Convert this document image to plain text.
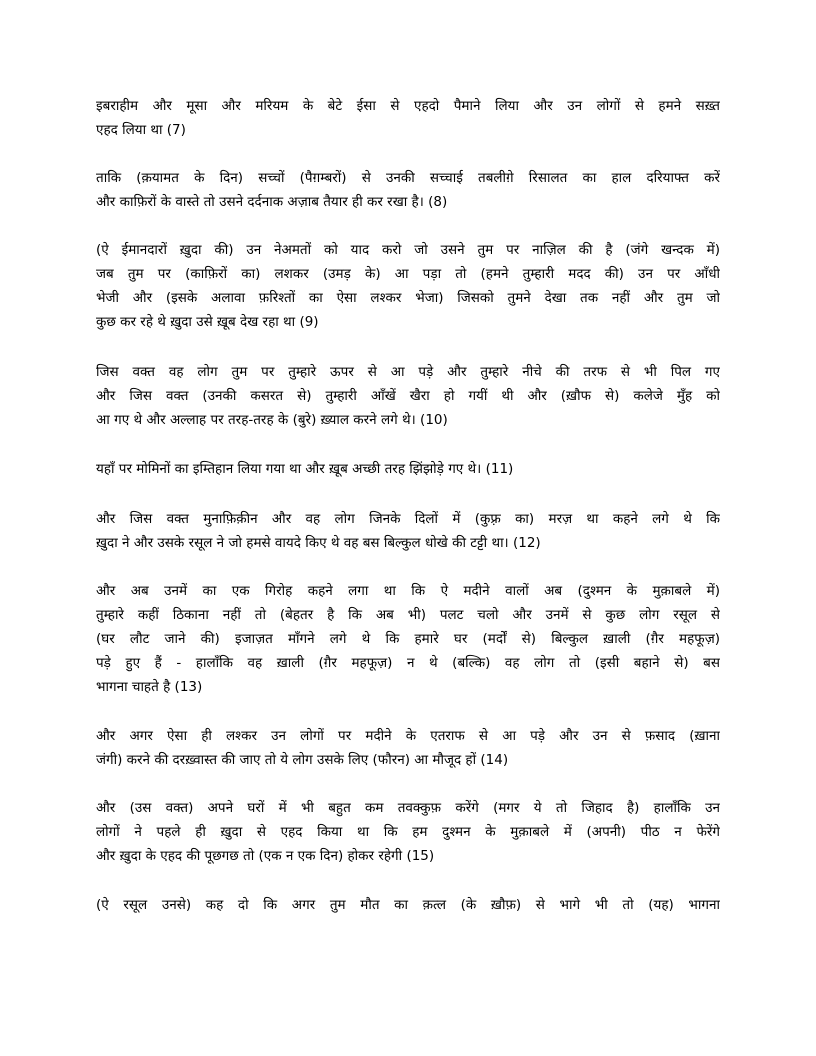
इबराहीम और मूसा और मरियम के बेटे ईसा से एहदो पैमाने लिया और उन लोगों से हमने सख़्त
एहद लिया था (7)
ताकि (क़यामत के दिन) सच्चों (पैग़म्बरों) से उनकी सच्चाई तबलीग़े रिसालत का हाल दरियाफ्त करें
और काफ़िरों के वास्ते तो उसने दर्दनाक अज़ाब तैयार ही कर रखा है। (8)
(ऐ ईमानदारों ख़ुदा की) उन नेअमतों को याद करो जो उसने तुम पर नाज़िल की है (जंगे खन्दक में)
जब तुम पर (काफ़िरों का) लशकर (उमड़ के) आ पड़ा तो (हमने तुम्हारी मदद की) उन पर आँधी
भेजी और (इसके अलावा फ़रिश्तों का ऐसा लश्कर भेजा) जिसको तुमने देखा तक नहीं और तुम जो
कुछ कर रहे थे ख़ुदा उसे ख़ूब देख रहा था (9)
जिस वक्त वह लोग तुम पर तुम्हारे ऊपर से आ पड़े और तुम्हारे नीचे की तरफ से भी पिल गए
और जिस वक्त (उनकी कसरत से) तुम्हारी आँखें खैरा हो गयीं थी और (ख़ौफ से) कलेजे मुँह को
आ गए थे और अल्लाह पर तरह-तरह के (बुरे) ख़्याल करने लगे थे। (10)
यहाँ पर मोमिनों का इम्तिहान लिया गया था और ख़ूब अच्छी तरह झिंझोड़े गए थे। (11)
और जिस वक्त मुनाफ़िक़ीन और वह लोग जिनके दिलों में (कुफ़्र का) मरज़ था कहने लगे थे कि
ख़ुदा ने और उसके रसूल ने जो हमसे वायदे किए थे वह बस बिल्कुल धोखे की टट्टी था। (12)
और अब उनमें का एक गिरोह कहने लगा था कि ऐ मदीने वालों अब (दुश्मन के मुक़ाबले में)
तुम्हारे कहीं ठिकाना नहीं तो (बेहतर है कि अब भी) पलट चलो और उनमें से कुछ लोग रसूल से
(घर लौट जाने की) इजाज़त माँगने लगे थे कि हमारे घर (मर्दों से) बिल्कुल ख़ाली (ग़ैर महफूज़)
पड़े हुए हैं - हालाँकि वह ख़ाली (ग़ैर महफूज़) न थे (बल्कि) वह लोग तो (इसी बहाने से) बस
भागना चाहते है (13)
और अगर ऐसा ही लश्कर उन लोगों पर मदीने के एतराफ से आ पड़े और उन से फ़साद (ख़ाना
जंगी) करने की दरख़्वास्त की जाए तो ये लोग उसके लिए (फौरन) आ मौजूद हों (14)
और (उस वक्त) अपने घरों में भी बहुत कम तवक्कुफ़ करेंगे (मगर ये तो जिहाद है) हालाँकि उन
लोगों ने पहले ही ख़ुदा से एहद किया था कि हम दुश्मन के मुक़ाबले में (अपनी) पीठ न फेरेंगे
और ख़ुदा के एहद की पूछगछ तो (एक न एक दिन) होकर रहेगी (15)
(ऐ रसूल उनसे) कह दो कि अगर तुम मौत का क़त्ल (के ख़ौफ़) से भागे भी तो (यह) भागना
